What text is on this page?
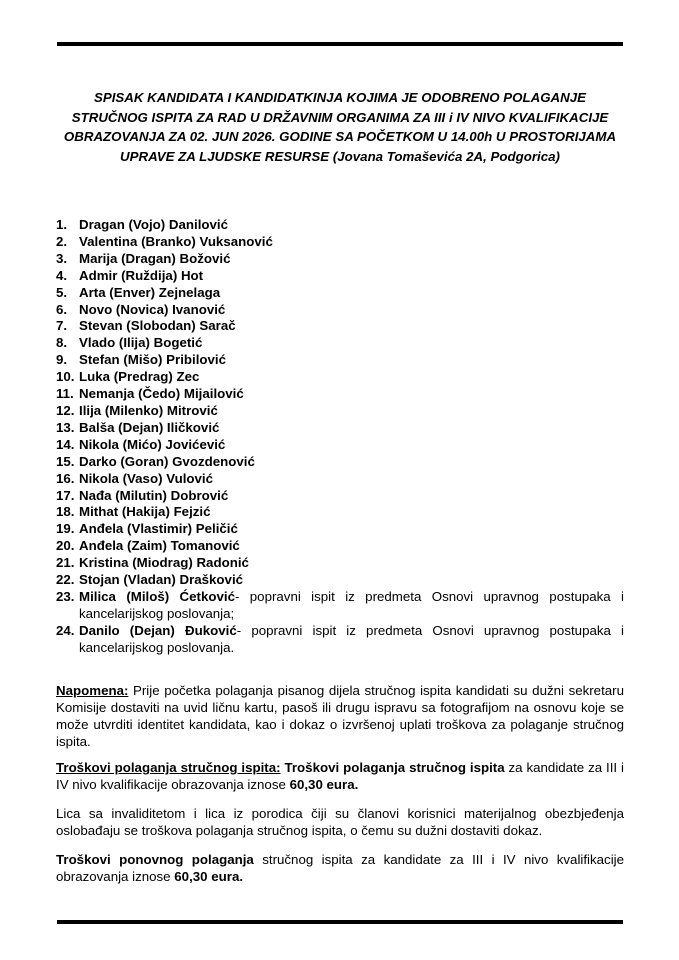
SPISAK KANDIDATA I KANDIDATKINJA KOJIMA JE ODOBRENO POLAGANJE STRUČNOG ISPITA ZA RAD U DRŽAVNIM ORGANIMA ZA III i IV NIVO KVALIFIKACIJE OBRAZOVANJA ZA 02. JUN 2026. GODINE SA POČETKOM U 14.00h U PROSTORIJAMA UPRAVE ZA LJUDSKE RESURSE (Jovana Tomaševića 2A, Podgorica)
1. Dragan (Vojo) Danilović
2. Valentina (Branko) Vuksanović
3. Marija (Dragan) Božović
4. Admir (Ruždija) Hot
5. Arta (Enver) Zejnelaga
6. Novo (Novica) Ivanović
7. Stevan (Slobodan) Sarač
8. Vlado (Ilija) Bogetić
9. Stefan (Mišo) Pribilović
10. Luka (Predrag) Zec
11. Nemanja (Čedo) Mijailović
12. Ilija (Milenko) Mitrović
13. Balša (Dejan) Iličković
14. Nikola (Mićo) Jovićević
15. Darko (Goran) Gvozdenović
16. Nikola (Vaso) Vulović
17. Nađa (Milutin) Dobrović
18. Mithat (Hakija) Fejzić
19. Anđela (Vlastimir) Peličić
20. Anđela (Zaim) Tomanović
21. Kristina (Miodrag) Radonić
22. Stojan (Vladan) Drašković
23. Milica (Miloš) Ćetković- popravni ispit iz predmeta Osnovi upravnog postupaka i kancelarijskog poslovanja;
24. Danilo (Dejan) Đuković- popravni ispit iz predmeta Osnovi upravnog postupaka i kancelarijskog poslovanja.

Napomena: Prije početka polaganja pisanog dijela stručnog ispita kandidati su dužni sekretaru Komisije dostaviti na uvid ličnu kartu, pasoš ili drugu ispravu sa fotografijom na osnovu koje se može utvrditi identitet kandidata, kao i dokaz o izvršenoj uplati troškova za polaganje stručnog ispita.

Troškovi polaganja stručnog ispita: Troškovi polaganja stručnog ispita za kandidate za III i IV nivo kvalifikacije obrazovanja iznose 60,30 eura.

Lica sa invaliditetom i lica iz porodica čiji su članovi korisnici materijalnog obezbjeđenja oslobađaju se troškova polaganja stručnog ispita, o čemu su dužni dostaviti dokaz.

Troškovi ponovnog polaganja stručnog ispita za kandidate za III i IV nivo kvalifikacije obrazovanja iznose 60,30 eura.
